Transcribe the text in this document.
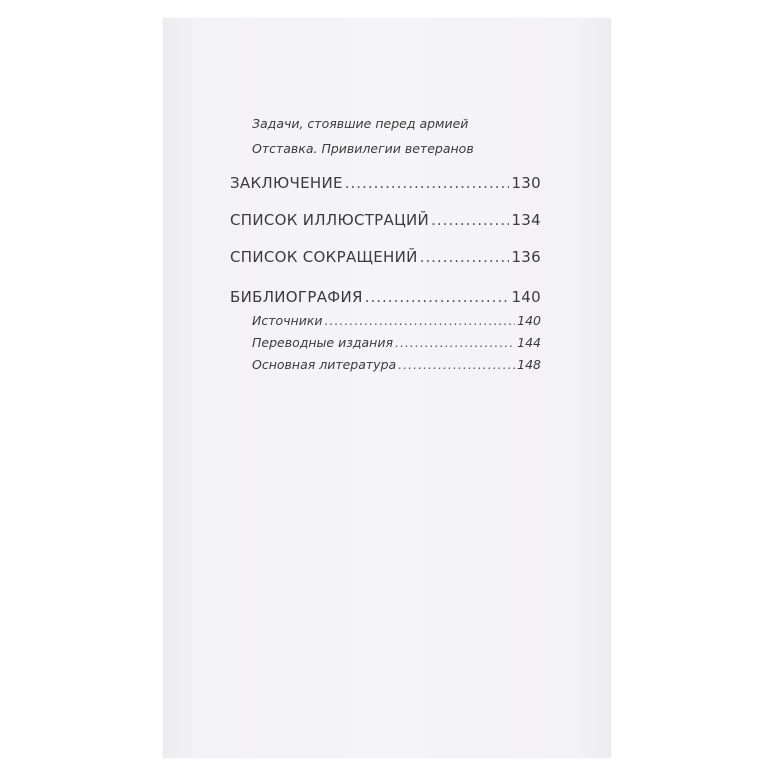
Задачи, стоявшие перед армией
Отставка. Привилегии ветеранов
ЗАКЛЮЧЕНИЕ .....	130
СПИСОК ИЛЛЮСТРАЦИЙ .....	134
СПИСОК СОКРАЩЕНИЙ .....	136
БИБЛИОГРАФИЯ .....	140
Источники .....	140
Переводные издания .....	144
Основная литература .....	148
